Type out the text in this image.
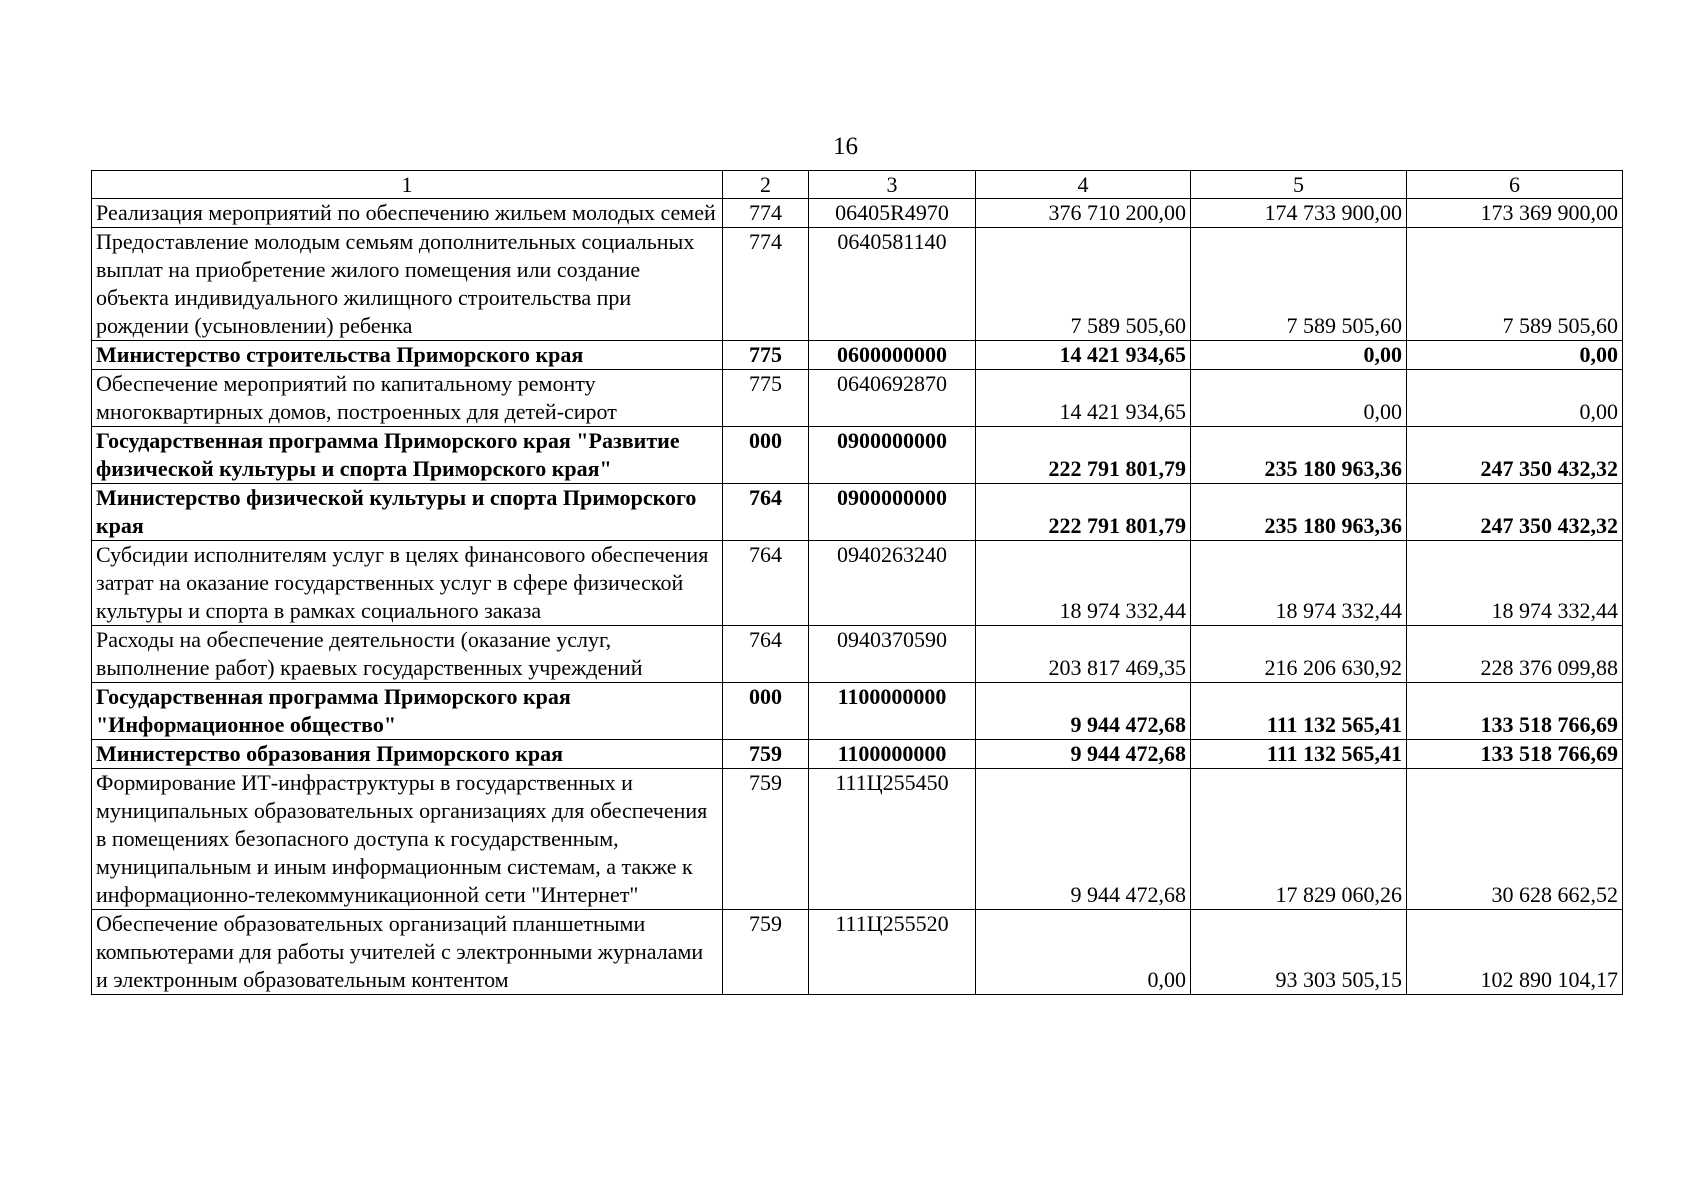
16
1	2	3	4	5	6
Реализация мероприятий по обеспечению жильем молодых семей	774	06405R4970	376 710 200,00	174 733 900,00	173 369 900,00
Предоставление молодым семьям дополнительных социальных выплат на приобретение жилого помещения или создание объекта индивидуального жилищного строительства при рождении (усыновлении) ребенка	774	0640581140	7 589 505,60	7 589 505,60	7 589 505,60
Министерство строительства Приморского края	775	0600000000	14 421 934,65	0,00	0,00
Обеспечение мероприятий по капитальному ремонту многоквартирных домов, построенных для детей-сирот	775	0640692870	14 421 934,65	0,00	0,00
Государственная программа Приморского края "Развитие физической культуры и спорта Приморского края"	000	0900000000	222 791 801,79	235 180 963,36	247 350 432,32
Министерство физической культуры и спорта Приморского края	764	0900000000	222 791 801,79	235 180 963,36	247 350 432,32
Субсидии исполнителям услуг в целях финансового обеспечения затрат на оказание государственных услуг в сфере физической культуры и спорта в рамках социального заказа	764	0940263240	18 974 332,44	18 974 332,44	18 974 332,44
Расходы на обеспечение деятельности (оказание услуг, выполнение работ) краевых государственных учреждений	764	0940370590	203 817 469,35	216 206 630,92	228 376 099,88
Государственная программа Приморского края "Информационное общество"	000	1100000000	9 944 472,68	111 132 565,41	133 518 766,69
Министерство образования Приморского края	759	1100000000	9 944 472,68	111 132 565,41	133 518 766,69
Формирование ИТ-инфраструктуры в государственных и муниципальных образовательных организациях для обеспечения в помещениях безопасного доступа к государственным, муниципальным и иным информационным системам, а также к информационно-телекоммуникационной сети "Интернет"	759	111Ц255450	9 944 472,68	17 829 060,26	30 628 662,52
Обеспечение образовательных организаций планшетными компьютерами для работы учителей с электронными журналами и электронным образовательным контентом	759	111Ц255520	0,00	93 303 505,15	102 890 104,17
